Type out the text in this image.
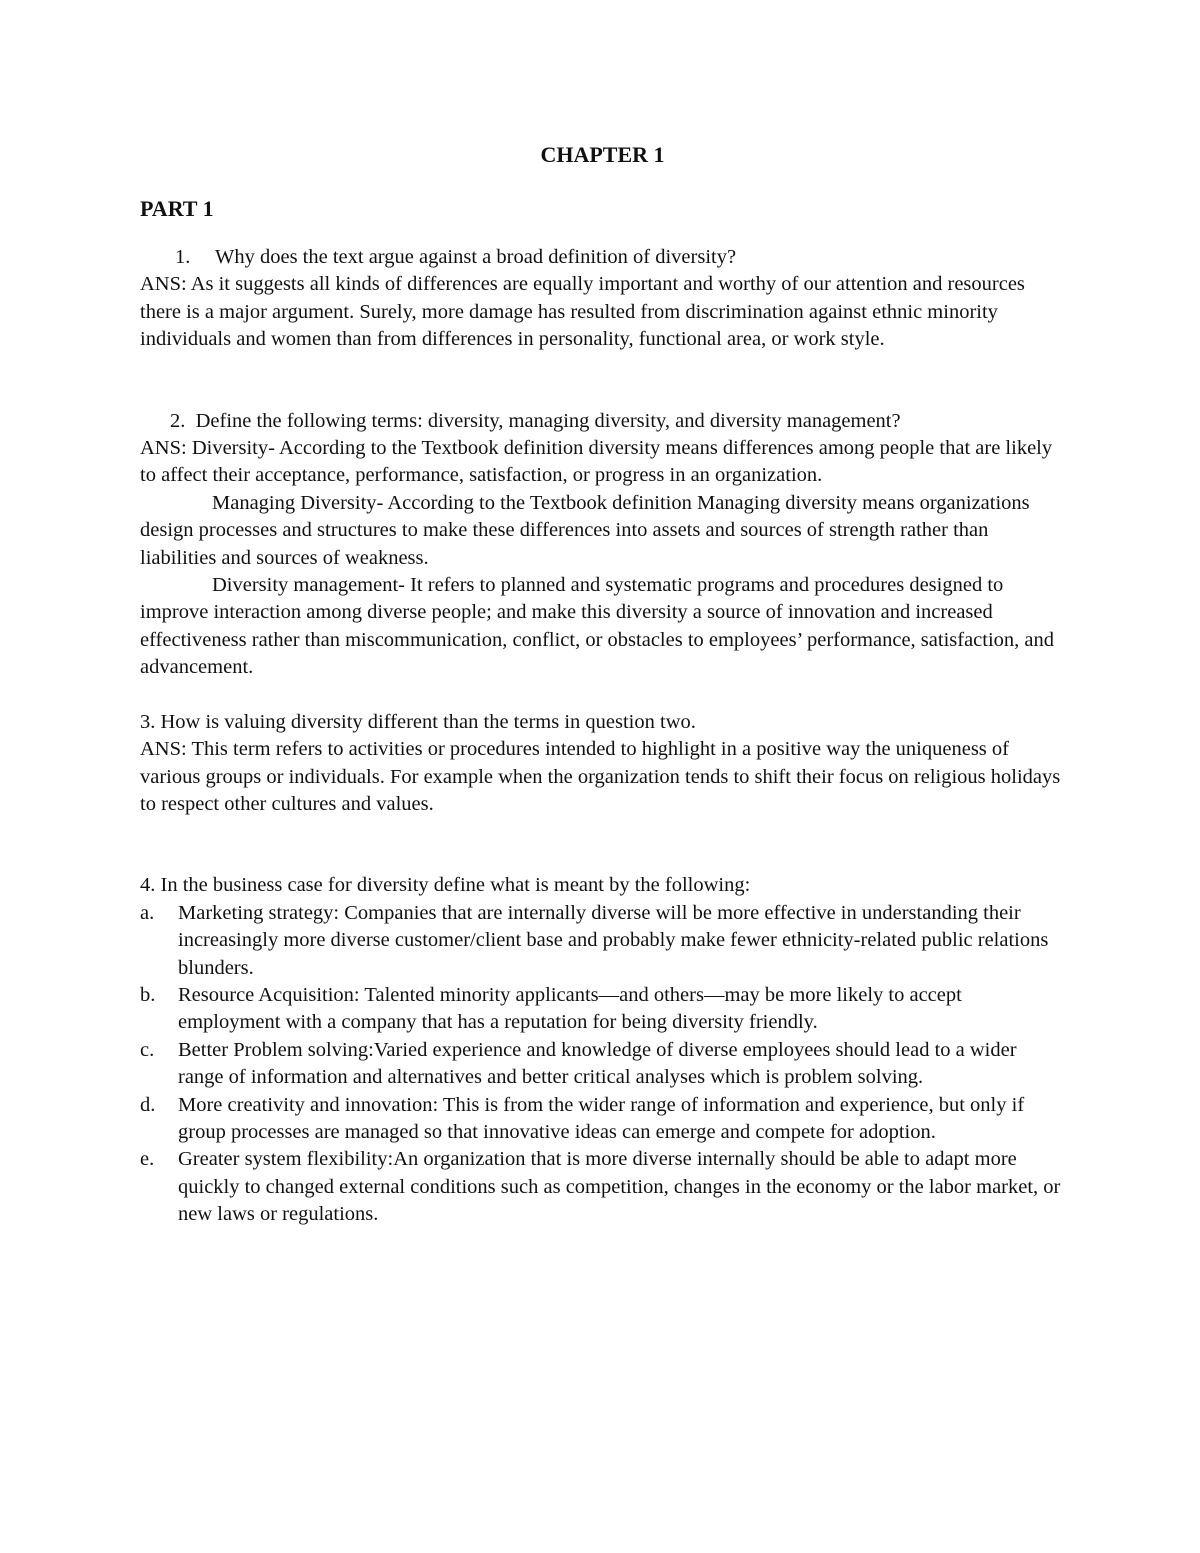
CHAPTER 1
PART 1
1. Why does the text argue against a broad definition of diversity?

ANS: As it suggests all kinds of differences are equally important and worthy of our attention and resources there is a major argument. Surely, more damage has resulted from discrimination against ethnic minority individuals and women than from differences in personality, functional area, or work style.

2. Define the following terms: diversity, managing diversity, and diversity management?

ANS: Diversity- According to the Textbook definition diversity means differences among people that are likely to affect their acceptance, performance, satisfaction, or progress in an organization.

Managing Diversity- According to the Textbook definition Managing diversity means organizations design processes and structures to make these differences into assets and sources of strength rather than liabilities and sources of weakness.

Diversity management- It refers to planned and systematic programs and procedures designed to improve interaction among diverse people; and make this diversity a source of innovation and increased effectiveness rather than miscommunication, conflict, or obstacles to employees’ performance, satisfaction, and advancement.

3. How is valuing diversity different than the terms in question two.

ANS: This term refers to activities or procedures intended to highlight in a positive way the uniqueness of various groups or individuals. For example when the organization tends to shift their focus on religious holidays to respect other cultures and values.

4. In the business case for diversity define what is meant by the following:

a.	Marketing strategy: Companies that are internally diverse will be more effective in understanding their increasingly more diverse customer/client base and probably make fewer ethnicity-related public relations blunders.
b.	Resource Acquisition: Talented minority applicants—and others—may be more likely to accept employment with a company that has a reputation for being diversity friendly.
c.	Better Problem solving:Varied experience and knowledge of diverse employees should lead to a wider range of information and alternatives and better critical analyses which is problem solving.
d.	More creativity and innovation: This is from the wider range of information and experience, but only if group processes are managed so that innovative ideas can emerge and compete for adoption.
e.	Greater system flexibility:An organization that is more diverse internally should be able to adapt more quickly to changed external conditions such as competition, changes in the economy or the labor market, or new laws or regulations.
